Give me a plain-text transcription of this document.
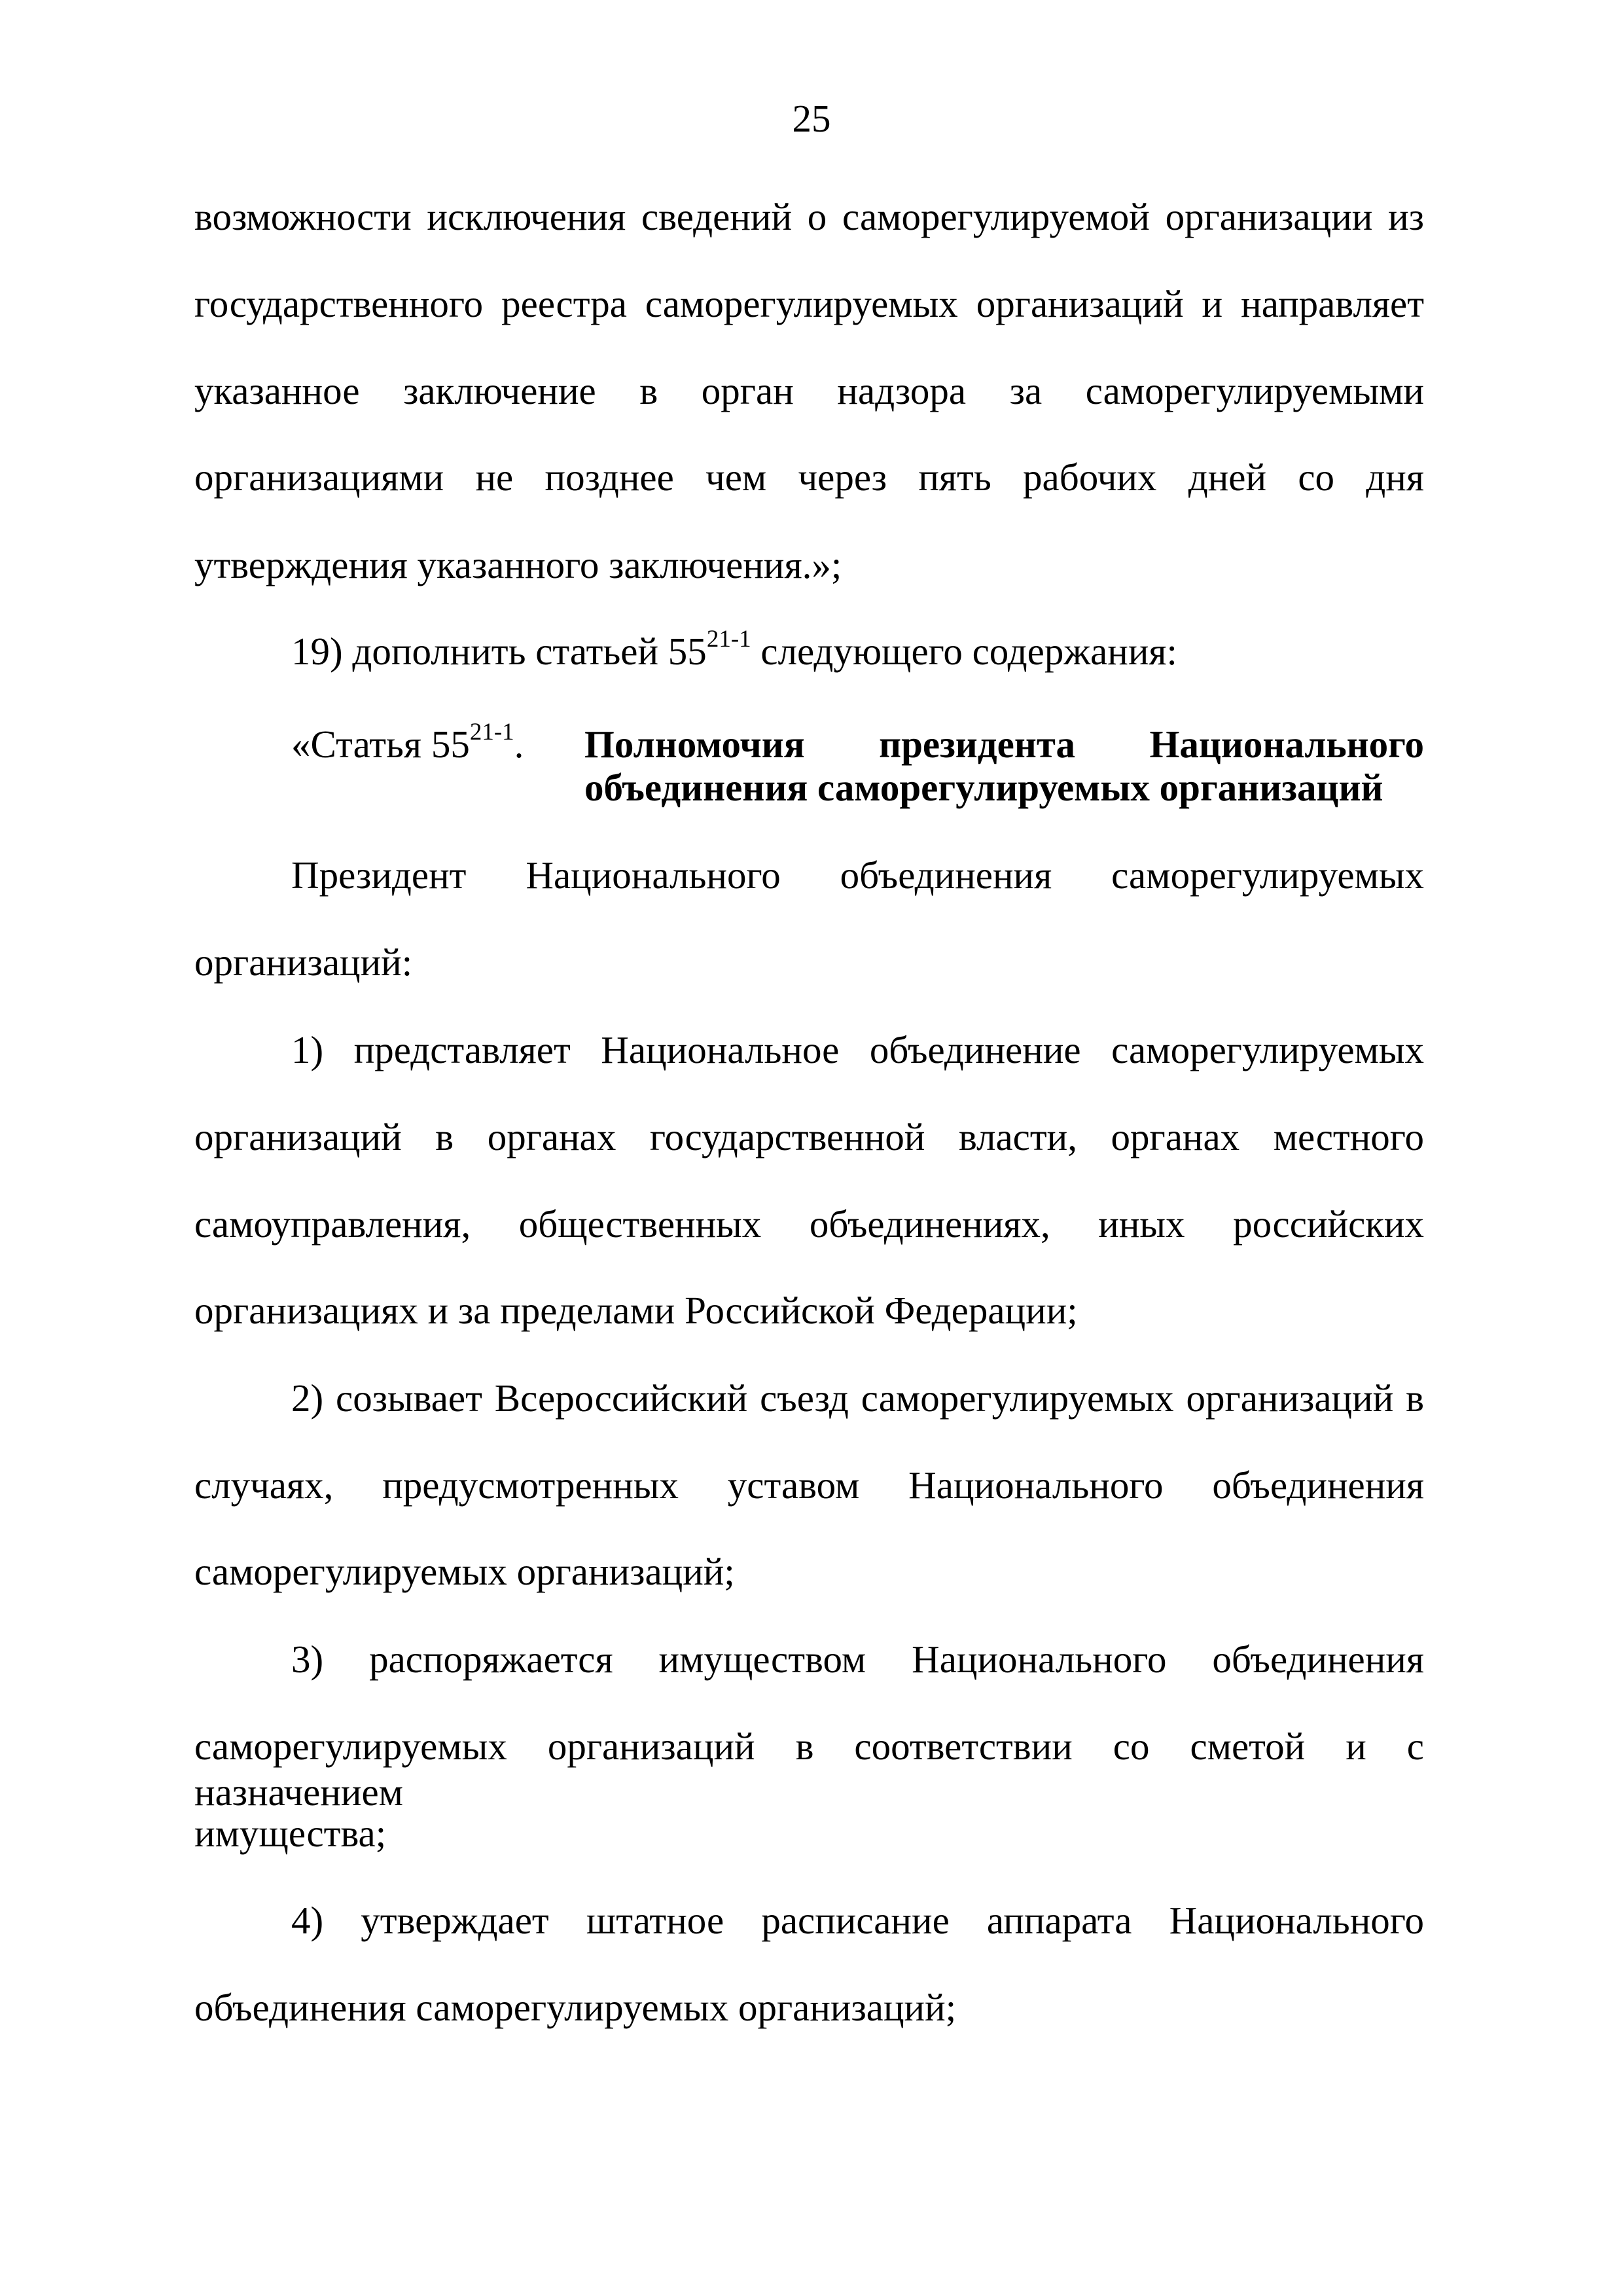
25
возможности исключения сведений о саморегулируемой организации из
государственного реестра саморегулируемых организаций и направляет
указанное заключение в орган надзора за саморегулируемыми
организациями не позднее чем через пять рабочих дней со дня
утверждения указанного заключения.»;
19) дополнить статьей 55$^{21-1}$ следующего содержания:
«Статья 55$^{21-1}$. Полномочия президента Национального
объединения саморегулируемых организаций
Президент Национального объединения саморегулируемых
организаций:
1) представляет Национальное объединение саморегулируемых
организаций в органах государственной власти, органах местного
самоуправления, общественных объединениях, иных российских
организациях и за пределами Российской Федерации;
2) созывает Всероссийский съезд саморегулируемых организаций в
случаях, предусмотренных уставом Национального объединения
саморегулируемых организаций;
3) распоряжается имуществом Национального объединения
саморегулируемых организаций в соответствии со сметой и с назначением
имущества;
4) утверждает штатное расписание аппарата Национального
объединения саморегулируемых организаций;
